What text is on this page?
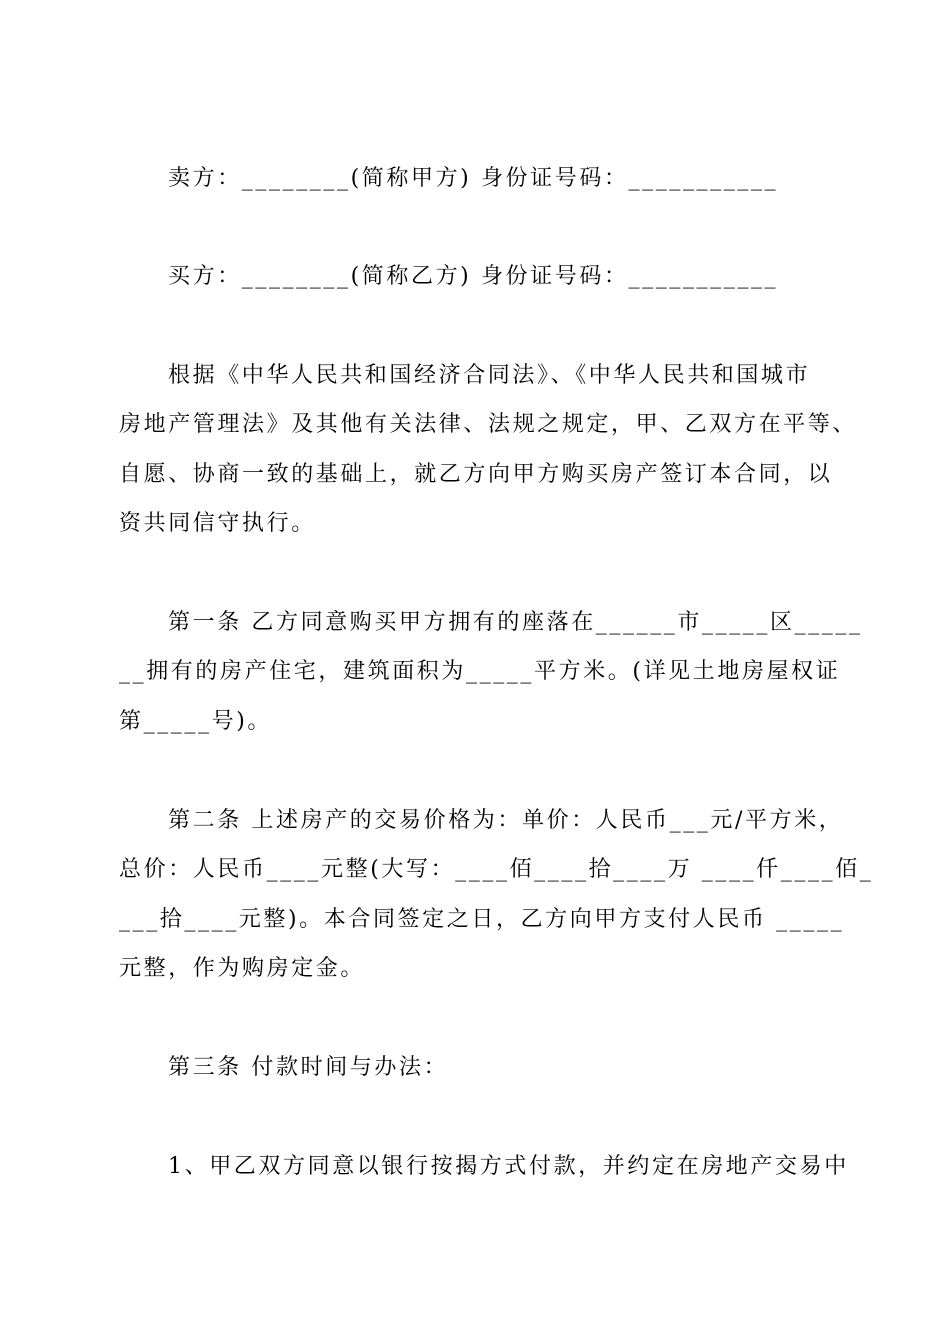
卖方：________(简称甲方) 身份证号码：___________
买方：________(简称乙方) 身份证号码：___________
根据《中华人民共和国经济合同法》、《中华人民共和国城市
房地产管理法》及其他有关法律、法规之规定，甲、乙双方在平等、
自愿、协商一致的基础上，就乙方向甲方购买房产签订本合同，以
资共同信守执行。
第一条 乙方同意购买甲方拥有的座落在______市_____区_____
__拥有的房产住宅，建筑面积为_____平方米。(详见土地房屋权证
第_____号)。
第二条 上述房产的交易价格为：单价：人民币___元/平方米，
总价：人民币____元整(大写：____佰____拾____万 ____仟____佰_
___拾____元整)。本合同签定之日，乙方向甲方支付人民币 _____
元整，作为购房定金。
第三条 付款时间与办法：
1、甲乙双方同意以银行按揭方式付款，并约定在房地产交易中
